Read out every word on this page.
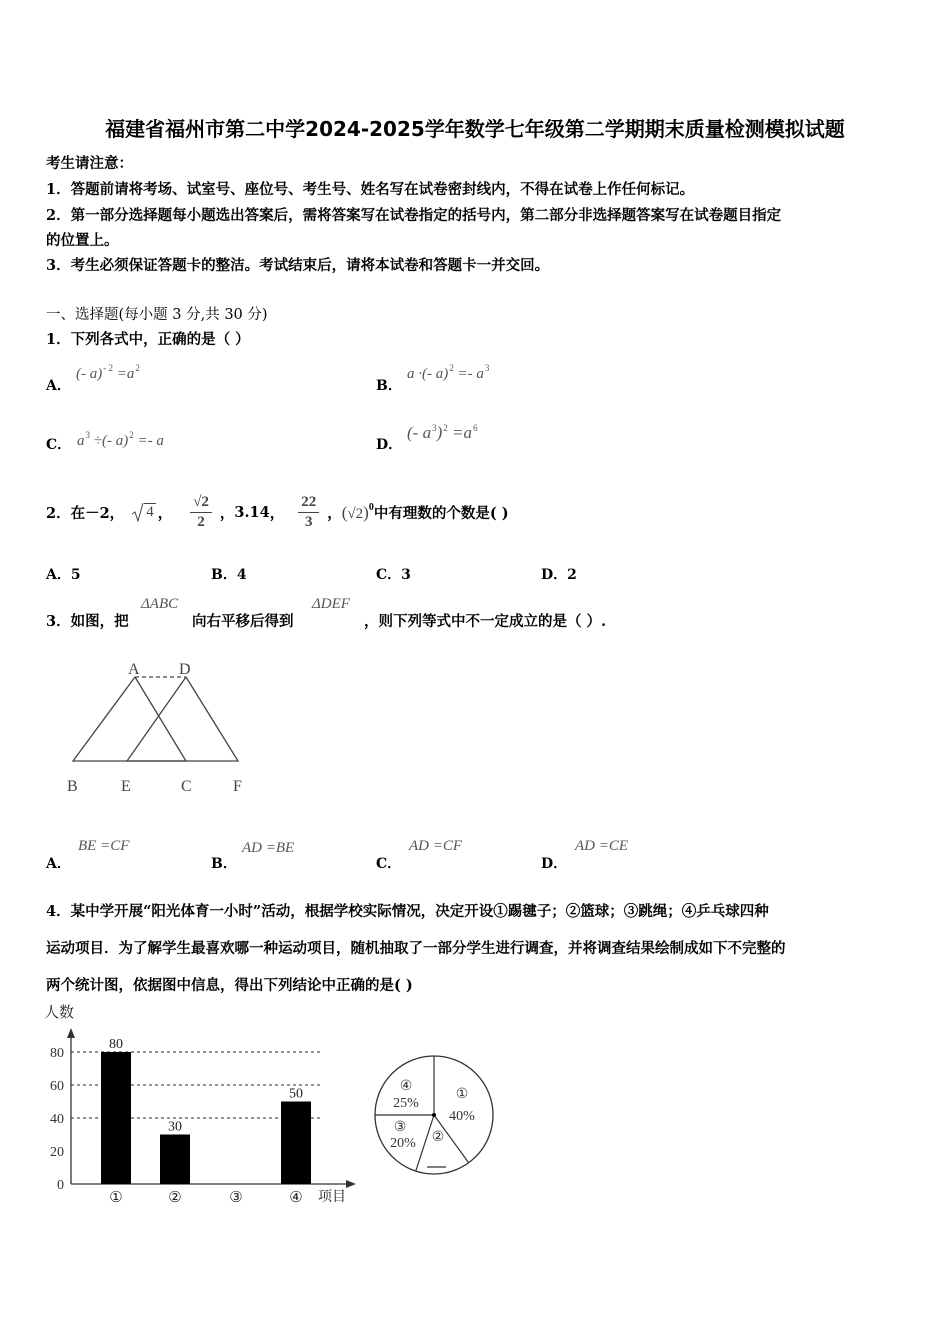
福建省福州市第二中学2024-2025学年数学七年级第二学期期末质量检测模拟试题
考生请注意：
1．答题前请将考场、试室号、座位号、考生号、姓名写在试卷密封线内，不得在试卷上作任何标记。
2．第一部分选择题每小题选出答案后，需将答案写在试卷指定的括号内，第二部分非选择题答案写在试卷题目指定
的位置上。
3．考生必须保证答题卡的整洁。考试结束后，请将本试卷和答题卡一并交回。
一、选择题(每小题 3 分,共 30 分)
1．下列各式中，正确的是（ ）
A．
(- $a)^{- 2} =a^2$
B．
a ·(- $a)^2 =- a^3$
C． $a^3$ ÷(- a)$^2$ =- a	D．
(- $a^3)^2 =a^6$
2．在－2， 4 ， $\frac{√2}{2}$ ， 3.14 ， $\frac{22}{3}$ ， $(√2)^0$ 中有理数的个数是( )
A．5	B．4	C．3	D．2
3．如图，把
ΔABC
向右平移后得到
ΔDEF
，则下列等式中不一定成立的是（ ）.
A D
B	E	C	F
A．
BE =CF
B．
AD =BE
C．
AD =CF
D．
AD =CE
4．某中学开展“阳光体育一小时”活动，根据学校实际情况，决定开设①踢毽子；②篮球；③跳绳；④乒乓球四种
运动项目．为了解学生最喜欢哪一种运动项目，随机抽取了一部分学生进行调查，并将调查结果绘制成如下不完整的
两个统计图，依据图中信息，得出下列结论中正确的是( )
人数
项目
0
20
40
60
80
80
30
50
①	②	③	④
①
40%
②
③
20%
④
25%
